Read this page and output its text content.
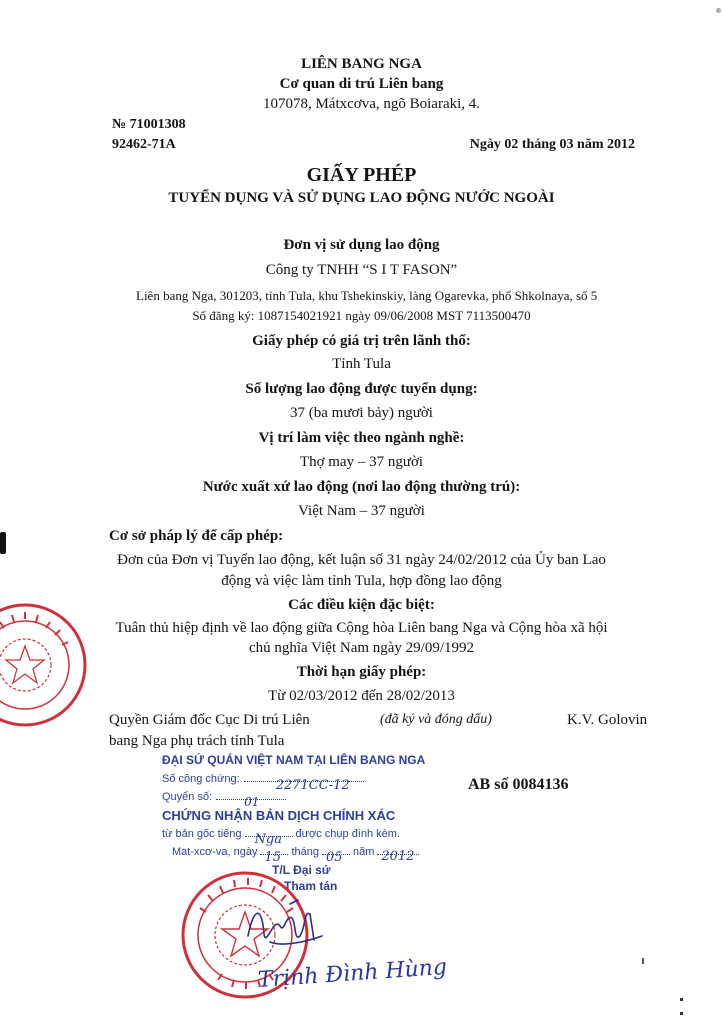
LIÊN BANG NGA
Cơ quan di trú Liên bang
107078, Mátxcơva, ngõ Boiaraki, 4.
№ 71001308
92462-71A	Ngày 02 tháng 03 năm 2012
GIẤY PHÉP
TUYỂN DỤNG VÀ SỬ DỤNG LAO ĐỘNG NƯỚC NGOÀI
Đơn vị sử dụng lao động
Công ty TNHH “S I T FASON”
Liên bang Nga, 301203, tỉnh Tula, khu Tshekinskiy, làng Ogarevka, phố Shkolnaya, số 5
Số đăng ký: 1087154021921 ngày 09/06/2008 MST 7113500470
Giấy phép có giá trị trên lãnh thổ:
Tỉnh Tula
Số lượng lao động được tuyển dụng:
37 (ba mươi bảy) người
Vị trí làm việc theo ngành nghề:
Thợ may – 37 người
Nước xuất xứ lao động (nơi lao động thường trú):
Việt Nam – 37 người
Cơ sở pháp lý để cấp phép:
Đơn của Đơn vị Tuyển lao động, kết luận số 31 ngày 24/02/2012 của Ủy ban Lao
động và việc làm tỉnh Tula, hợp đồng lao động
Các điều kiện đặc biệt:
Tuân thủ hiệp định về lao động giữa Cộng hòa Liên bang Nga và Cộng hòa xã hội
chủ nghĩa Việt Nam ngày 29/09/1992
Thời hạn giấy phép:
Từ 02/03/2012 đến 28/02/2013
Quyền Giám đốc Cục Di trú Liên
bang Nga phụ trách tỉnh Tula
(đã ký và đóng dấu)	K.V. Golovin
AB số 0084136
ĐẠI SỨ QUÁN VIỆT NAM TẠI LIÊN BANG NGA
Số công chứng:	2271CC-12
Quyển số:	01
CHỨNG NHẬN BẢN DỊCH CHÍNH XÁC
từ bản gốc tiếng Nga được chụp đính kèm.
Mat-xcơ-va, ngày 15 tháng 05 năm 2012
T/L Đại sứ
Tham tán
Trịnh Đình Hùng
